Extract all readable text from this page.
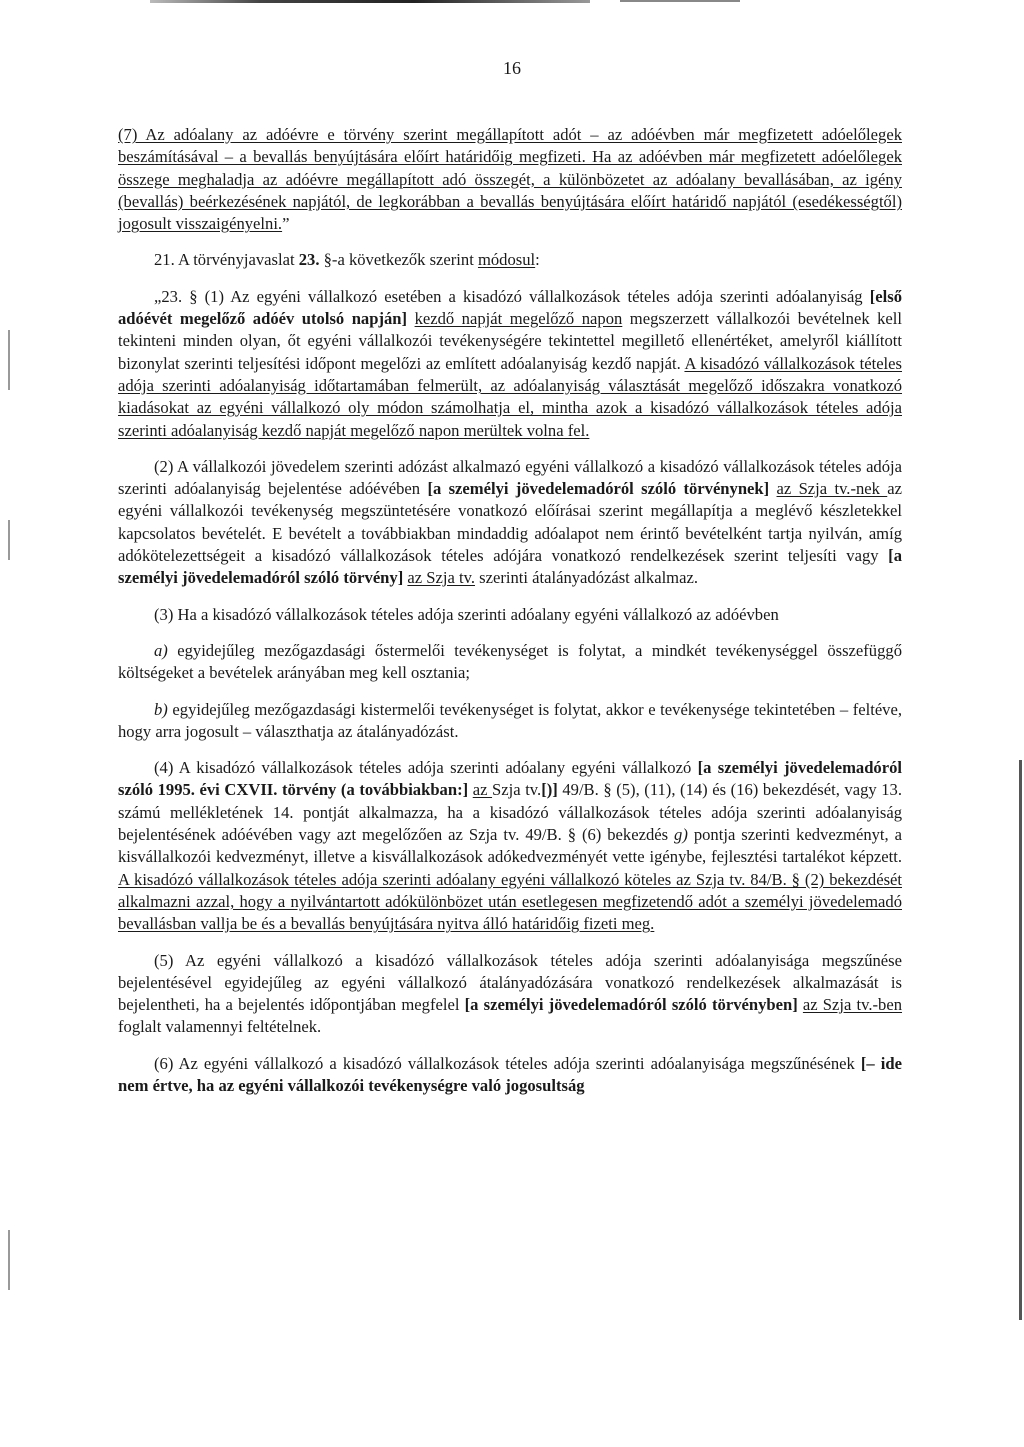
16

(7) Az adóalany az adóévre e törvény szerint megállapított adót – az adóévben már megfizetett adóelőlegek beszámításával – a bevallás benyújtására előírt határidőig megfizeti. Ha az adóévben már megfizetett adóelőlegek összege meghaladja az adóévre megállapított adó összegét, a különbözetet az adóalany bevallásában, az igény (bevallás) beérkezésének napjától, de legkorábban a bevallás benyújtására előírt határidő napjától (esedékességtől) jogosult visszaigényelni.”

21. A törvényjavaslat 23. §-a következők szerint módosul:

„23. § (1) Az egyéni vállalkozó esetében a kisadózó vállalkozások tételes adója szerinti adóalanyiság [első adóévét megelőző adóév utolsó napján] kezdő napját megelőző napon megszerzett vállalkozói bevételnek kell tekinteni minden olyan, őt egyéni vállalkozói tevékenységére tekintettel megillető ellenértéket, amelyről kiállított bizonylat szerinti teljesítési időpont megelőzi az említett adóalanyiság kezdő napját. A kisadózó vállalkozások tételes adója szerinti adóalanyiság időtartamában felmerült, az adóalanyiság választását megelőző időszakra vonatkozó kiadásokat az egyéni vállalkozó oly módon számolhatja el, mintha azok a kisadózó vállalkozások tételes adója szerinti adóalanyiság kezdő napját megelőző napon merültek volna fel.

(2) A vállalkozói jövedelem szerinti adózást alkalmazó egyéni vállalkozó a kisadózó vállalkozások tételes adója szerinti adóalanyiság bejelentése adóévében [a személyi jövedelemadóról szóló törvénynek] az Szja tv.-nek az egyéni vállalkozói tevékenység megszüntetésére vonatkozó előírásai szerint megállapítja a meglévő készletekkel kapcsolatos bevételét. E bevételt a továbbiakban mindaddig adóalapot nem érintő bevételként tartja nyilván, amíg adókötelezettségeit a kisadózó vállalkozások tételes adójára vonatkozó rendelkezések szerint teljesíti vagy [a személyi jövedelemadóról szóló törvény] az Szja tv. szerinti átalányadózást alkalmaz.

(3) Ha a kisadózó vállalkozások tételes adója szerinti adóalany egyéni vállalkozó az adóévben

a) egyidejűleg mezőgazdasági őstermelői tevékenységet is folytat, a mindkét tevékenységgel összefüggő költségeket a bevételek arányában meg kell osztania;

b) egyidejűleg mezőgazdasági kistermelői tevékenységet is folytat, akkor e tevékenysége tekintetében – feltéve, hogy arra jogosult – választhatja az átalányadózást.

(4) A kisadózó vállalkozások tételes adója szerinti adóalany egyéni vállalkozó [a személyi jövedelemadóról szóló 1995. évi CXVII. törvény (a továbbiakban:] az Szja tv.[)] 49/B. § (5), (11), (14) és (16) bekezdését, vagy 13. számú mellékletének 14. pontját alkalmazza, ha a kisadózó vállalkozások tételes adója szerinti adóalanyiság bejelentésének adóévében vagy azt megelőzően az Szja tv. 49/B. § (6) bekezdés g) pontja szerinti kedvezményt, a kisvállalkozói kedvezményt, illetve a kisvállalkozások adókedvezményét vette igénybe, fejlesztési tartalékot képzett. A kisadózó vállalkozások tételes adója szerinti adóalany egyéni vállalkozó köteles az Szja tv. 84/B. § (2) bekezdését alkalmazni azzal, hogy a nyilvántartott adókülönbözet után esetlegesen megfizetendő adót a személyi jövedelemadó bevallásban vallja be és a bevallás benyújtására nyitva álló határidőig fizeti meg.

(5) Az egyéni vállalkozó a kisadózó vállalkozások tételes adója szerinti adóalanyisága megszűnése bejelentésével egyidejűleg az egyéni vállalkozó átalányadózására vonatkozó rendelkezések alkalmazását is bejelentheti, ha a bejelentés időpontjában megfelel [a személyi jövedelemadóról szóló törvényben] az Szja tv.-ben foglalt valamennyi feltételnek.

(6) Az egyéni vállalkozó a kisadózó vállalkozások tételes adója szerinti adóalanyisága megszűnésének [– ide nem értve, ha az egyéni vállalkozói tevékenységre való jogosultság
